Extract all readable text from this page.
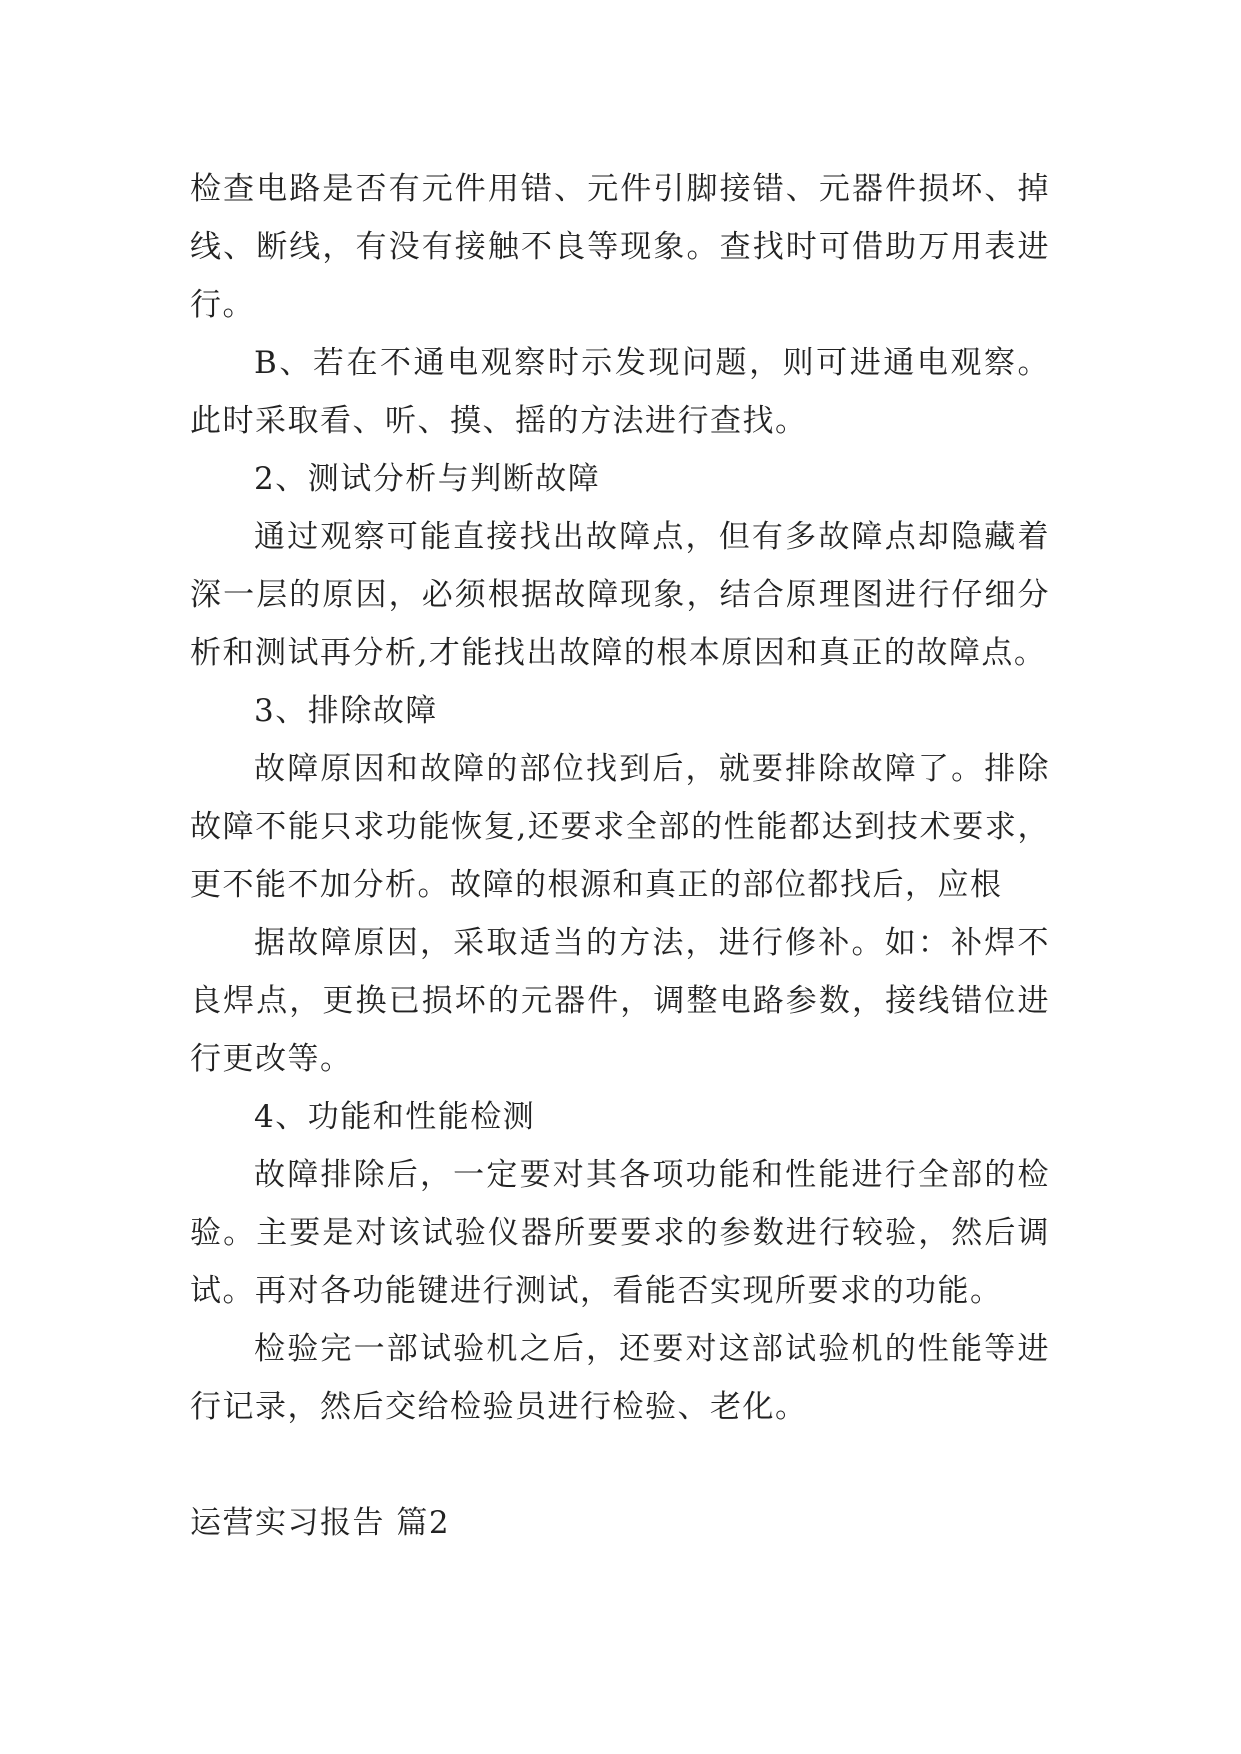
检查电路是否有元件用错、元件引脚接错、元器件损坏、掉线、断线，有没有接触不良等现象。查找时可借助万用表进行。

B、若在不通电观察时示发现问题，则可进通电观察。此时采取看、听、摸、摇的方法进行查找。

2、测试分析与判断故障

通过观察可能直接找出故障点，但有多故障点却隐藏着深一层的原因，必须根据故障现象，结合原理图进行仔细分析和测试再分析,才能找出故障的根本原因和真正的故障点。

3、排除故障

故障原因和故障的部位找到后，就要排除故障了。排除故障不能只求功能恢复,还要求全部的性能都达到技术要求，更不能不加分析。故障的根源和真正的部位都找后，应根

据故障原因，采取适当的方法，进行修补。如：补焊不良焊点，更换已损坏的元器件，调整电路参数，接线错位进行更改等。

4、功能和性能检测

故障排除后，一定要对其各项功能和性能进行全部的检验。主要是对该试验仪器所要要求的参数进行较验，然后调试。再对各功能键进行测试，看能否实现所要求的功能。

检验完一部试验机之后，还要对这部试验机的性能等进行记录，然后交给检验员进行检验、老化。

运营实习报告 篇2
